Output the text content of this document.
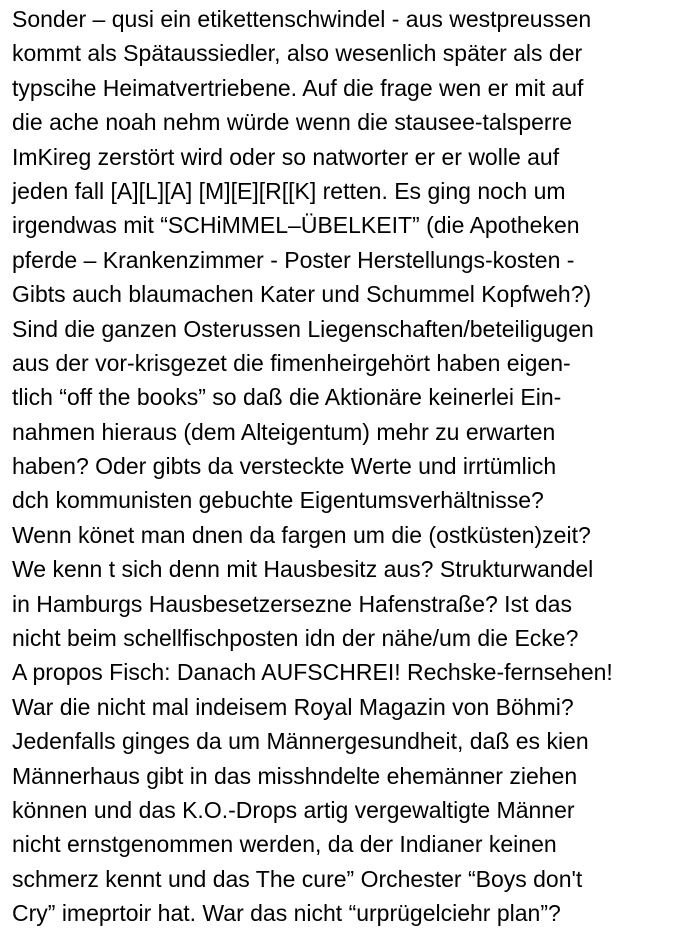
Sonder – qusi ein etikettenschwindel - aus westpreussen
kommt als Spätaussiedler, also wesenlich später als der
typscihe Heimatvertriebene. Auf die frage wen er mit auf
die ache noah nehm würde wenn die stausee-talsperre
ImKireg zerstört wird oder so natworter er er wolle auf
jeden fall [A][L][A] [M][E][R[[K] retten. Es ging noch um
irgendwas mit “SCHiMMEL–ÜBELKEIT” (die Apotheken
pferde – Krankenzimmer - Poster Herstellungs-kosten -
Gibts auch blaumachen Kater und Schummel Kopfweh?)
Sind die ganzen Osterussen Liegenschaften/beteiligugen
aus der vor-krisgezet die fimenheirgehört haben eigen-
tlich “off the books” so daß die Aktionäre keinerlei Ein-
nahmen hieraus (dem Alteigentum) mehr zu erwarten
haben? Oder gibts da versteckte Werte und irrtümlich
dch kommunisten gebuchte Eigentumsverhältnisse?
Wenn könet man dnen da fargen um die (ostküsten)zeit?
We kenn t sich denn mit Hausbesitz aus? Strukturwandel
in Hamburgs Hausbesetzersezne Hafenstraße? Ist das
nicht beim schellfischposten idn der nähe/um die Ecke?
A propos Fisch: Danach AUFSCHREI! Rechske-fernsehen!
War die nicht mal indeisem Royal Magazin von Böhmi?
Jedenfalls ginges da um Männergesundheit, daß es kien
Männerhaus gibt in das misshndelte ehemänner ziehen
können und das K.O.-Drops artig vergewaltigte Männer
nicht ernstgenommen werden, da der Indianer keinen
schmerz kennt und das The cure” Orchester “Boys don't
Cry” imeprtoir hat. War das nicht “urprügelciehr plan”?
